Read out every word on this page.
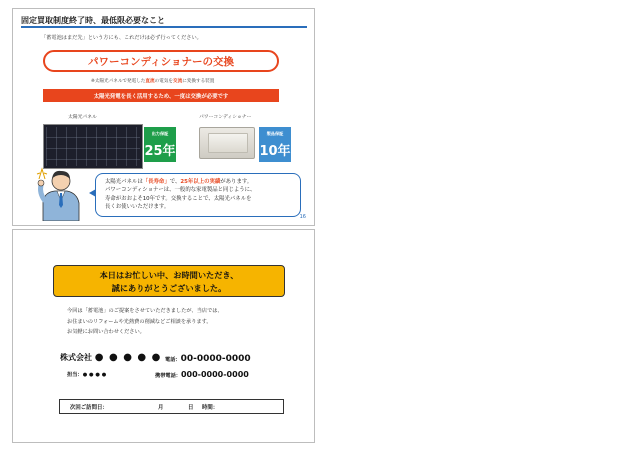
固定買取制度終了時、最低限必要なこと
「蓄電池はまだ先」という方にも、これだけは必ず行ってください。
パワーコンディショナーの交換
※太陽光パネルで発電した直流の電気を交流に変換する装置
太陽光発電を長く活用するため、一度は交換が必要です
太陽光パネル
出力保証
25年
パワーコンディショナー
製品保証
10年
太陽光パネルは「長寿命」で、25年以上の実績があります。
パワーコンディショナーは、一般的な家電製品と同じように、
寿命がおおよそ10年です。交換することで、太陽光パネルを
長くお使いいただけます。
16
本日はお忙しい中、お時間いただき、
誠にありがとうございました。
今回は「蓄電池」のご提案をさせていただきましたが、当店では、
お住まいのリフォームや光熱費の削減などご相談を承ります。
お気軽にお問い合わせください。
株式会社 ● ● ● ● ● 電話：00-0000-0000
担当：● ● ● ●	携帯電話：000-0000-0000
次回ご訪問日：	月	日 時間：
